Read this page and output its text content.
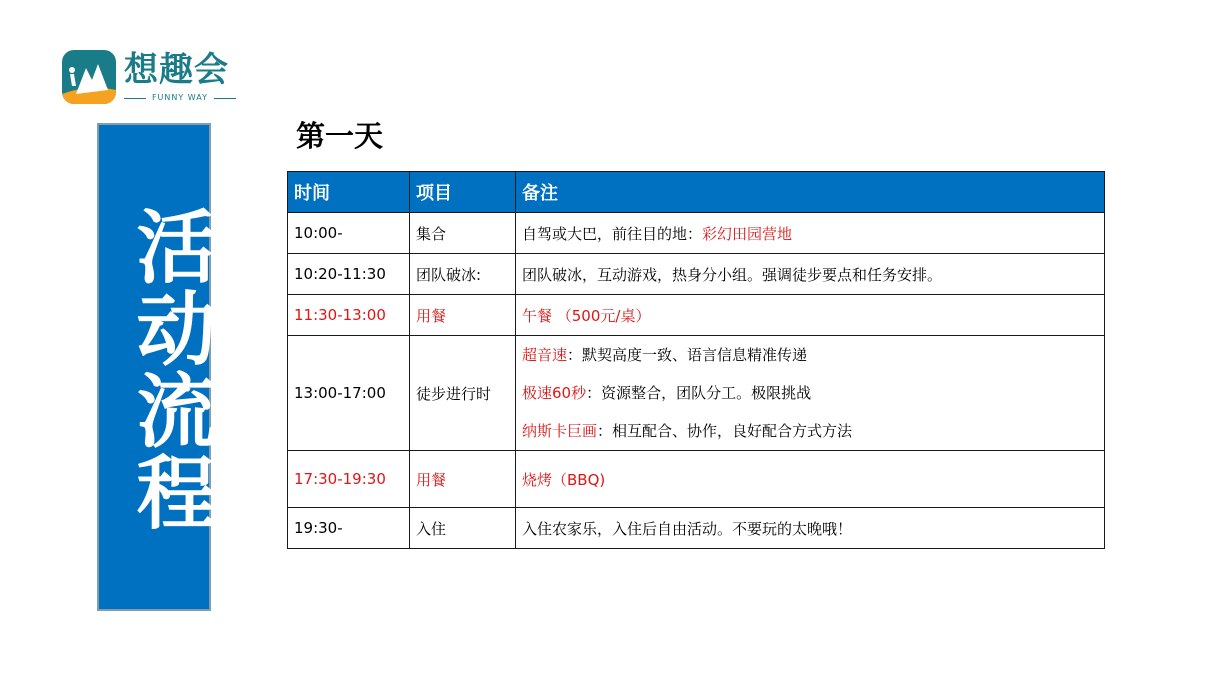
想趣会
FUNNY WAY
活动流程
第一天
时间	项目	备注
10:00-	集合	自驾或大巴，前往目的地：彩幻田园营地
10:20-11:30	团队破冰:	团队破冰，互动游戏，热身分小组。强调徒步要点和任务安排。
11:30-13:00	用餐	午餐 （500元/桌）
13:00-17:00	徒步进行时	超音速：默契高度一致、语言信息精准传递
极速60秒：资源整合，团队分工。极限挑战
纳斯卡巨画：相互配合、协作，良好配合方式方法

17:30-19:30	用餐	烧烤（BBQ)
19:30-	入住	入住农家乐，入住后自由活动。不要玩的太晚哦！
